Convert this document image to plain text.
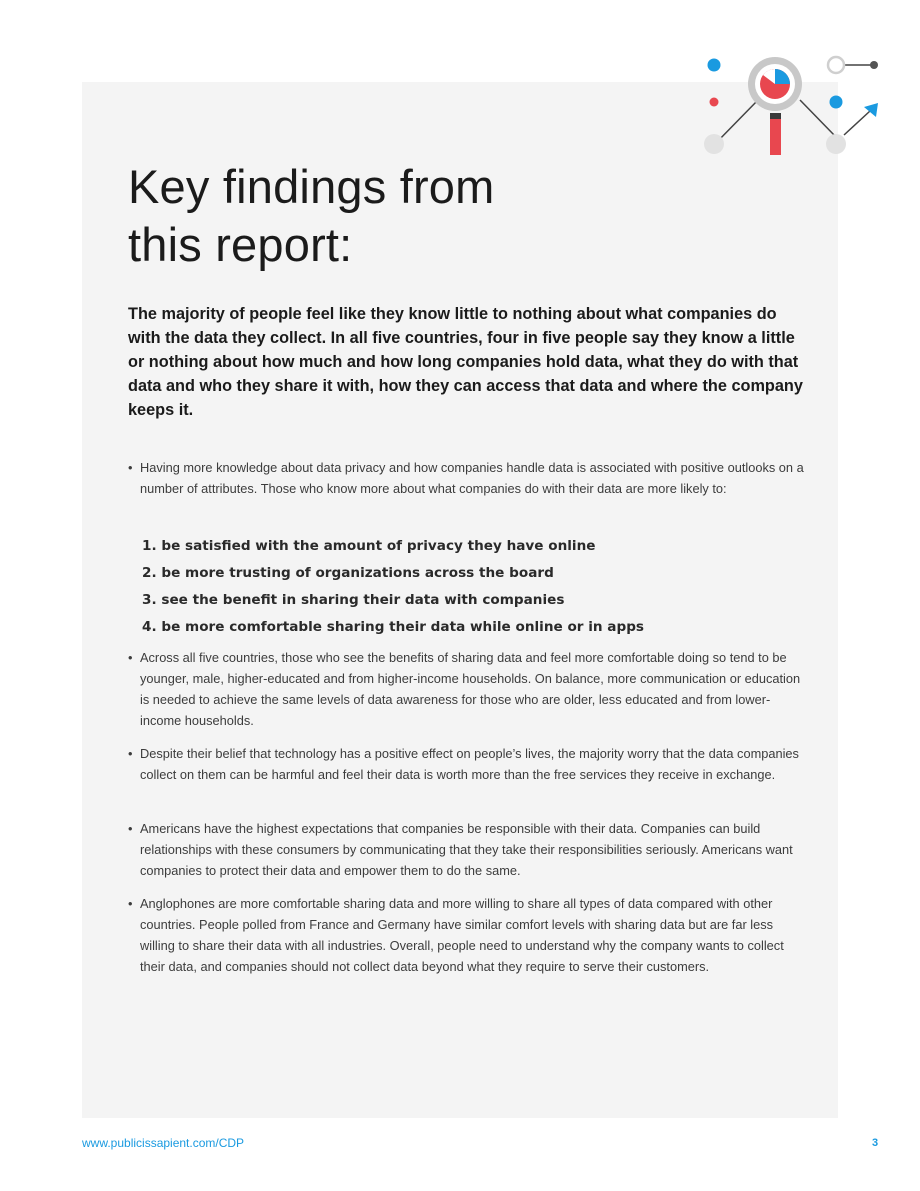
Key findings from
this report:

The majority of people feel like they know little to nothing about what companies do with the data they collect. In all five countries, four in five people say they know a little or nothing about how much and how long companies hold data, what they do with that data and who they share it with, how they can access that data and where the company keeps it.

• Having more knowledge about data privacy and how companies handle data is associated with positive outlooks on a number of attributes. Those who know more about what companies do with their data are more likely to:

1. be satisfied with the amount of privacy they have online
2. be more trusting of organizations across the board
3. see the benefit in sharing their data with companies
4. be more comfortable sharing their data while online or in apps

• Across all five countries, those who see the benefits of sharing data and feel more comfortable doing so tend to be younger, male, higher-educated and from higher-income households. On balance, more communication or education is needed to achieve the same levels of data awareness for those who are older, less educated and from lower-income households.

• Despite their belief that technology has a positive effect on people’s lives, the majority worry that the data companies collect on them can be harmful and feel their data is worth more than the free services they receive in exchange.

• Americans have the highest expectations that companies be responsible with their data. Companies can build relationships with these consumers by communicating that they take their responsibilities seriously. Americans want companies to protect their data and empower them to do the same.

• Anglophones are more comfortable sharing data and more willing to share all types of data compared with other countries. People polled from France and Germany have similar comfort levels with sharing data but are far less willing to share their data with all industries. Overall, people need to understand why the company wants to collect their data, and companies should not collect data beyond what they require to serve their customers.

www.publicissapient.com/CDP	3
